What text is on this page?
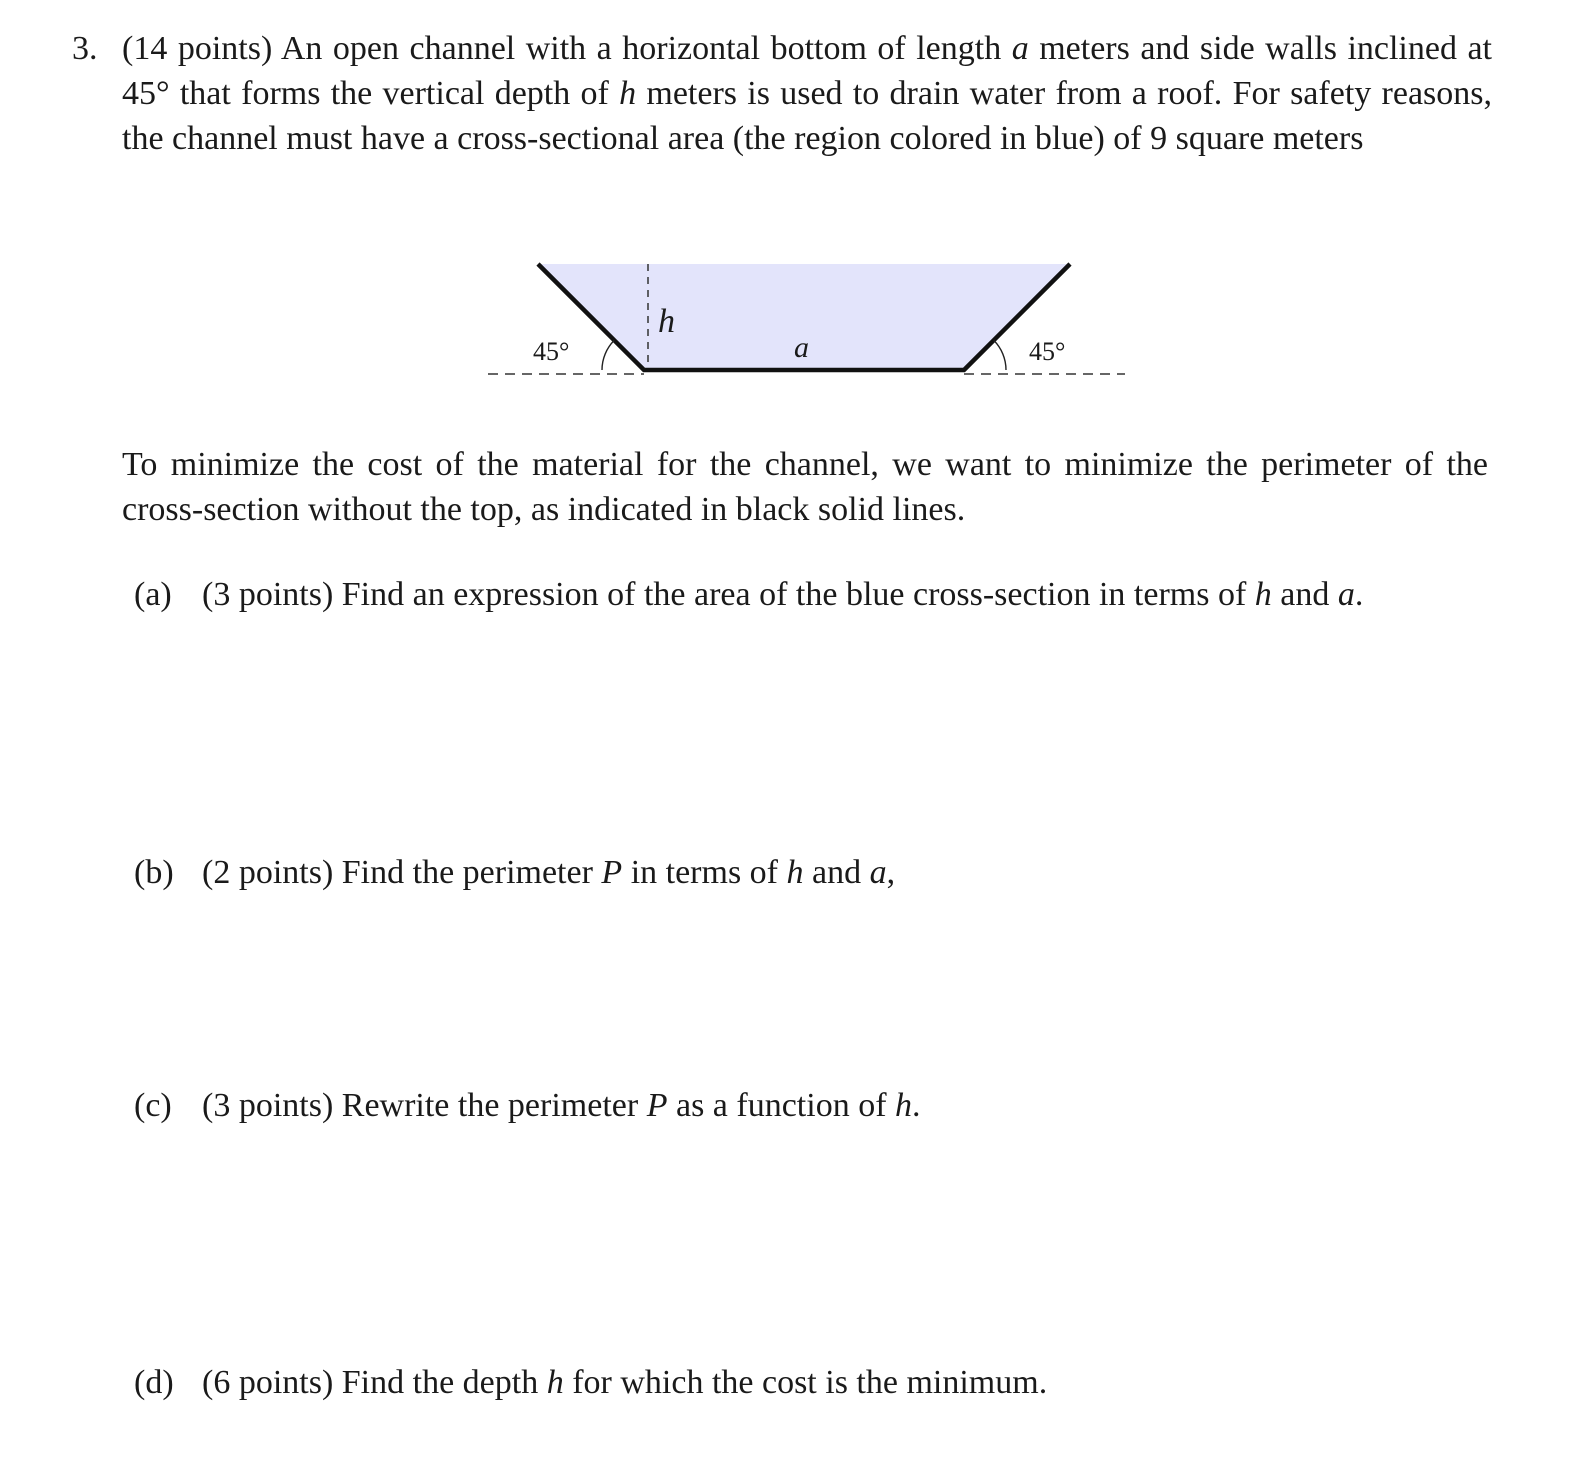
3. (14 points) An open channel with a horizontal bottom of length a meters and side walls inclined at 45° that forms the vertical depth of h meters is used to drain water from a roof. For safety reasons, the channel must have a cross-sectional area (the region colored in blue) of 9 square meters
h
a
45°	45°
To minimize the cost of the material for the channel, we want to minimize the perimeter of the cross-section without the top, as indicated in black solid lines.
(a) (3 points) Find an expression of the area of the blue cross-section in terms of h and a.
(b) (2 points) Find the perimeter P in terms of h and a,
(c) (3 points) Rewrite the perimeter P as a function of h.
(d) (6 points) Find the depth h for which the cost is the minimum.
